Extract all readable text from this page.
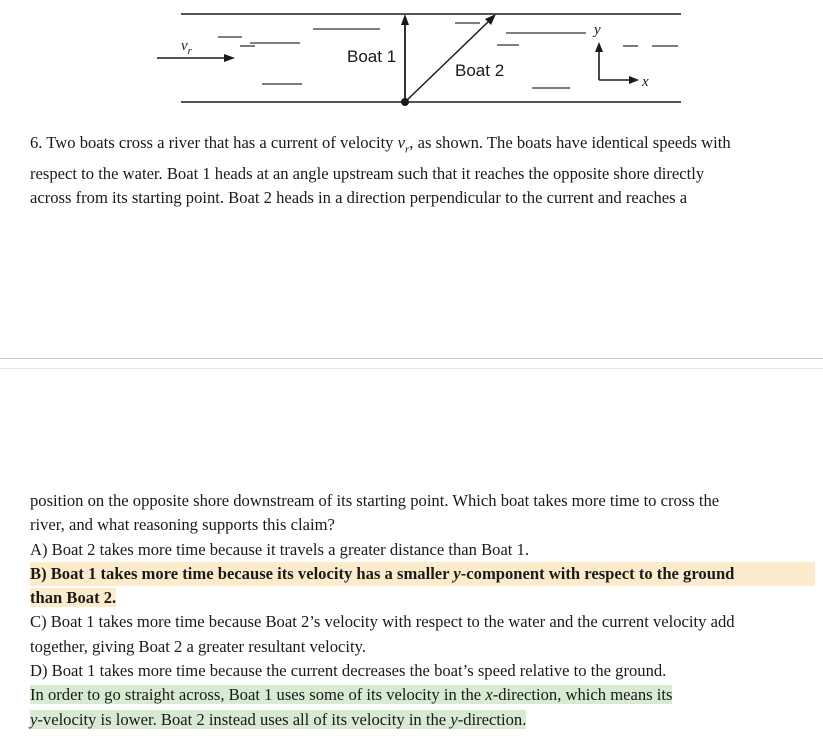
$v_r$	Boat 1
Boat 2
y
x
6. Two boats cross a river that has a current of velocity $v_r$, as shown. The boats have identical speeds with
respect to the water. Boat 1 heads at an angle upstream such that it reaches the opposite shore directly
across from its starting point. Boat 2 heads in a direction perpendicular to the current and reaches a
position on the opposite shore downstream of its starting point. Which boat takes more time to cross the
river, and what reasoning supports this claim?
A) Boat 2 takes more time because it travels a greater distance than Boat 1.
B) Boat 1 takes more time because its velocity has a smaller y-component with respect to the ground
than Boat 2.
C) Boat 1 takes more time because Boat 2’s velocity with respect to the water and the current velocity add
together, giving Boat 2 a greater resultant velocity.
D) Boat 1 takes more time because the current decreases the boat’s speed relative to the ground.
In order to go straight across, Boat 1 uses some of its velocity in the x-direction, which means its
y-velocity is lower. Boat 2 instead uses all of its velocity in the y-direction.
